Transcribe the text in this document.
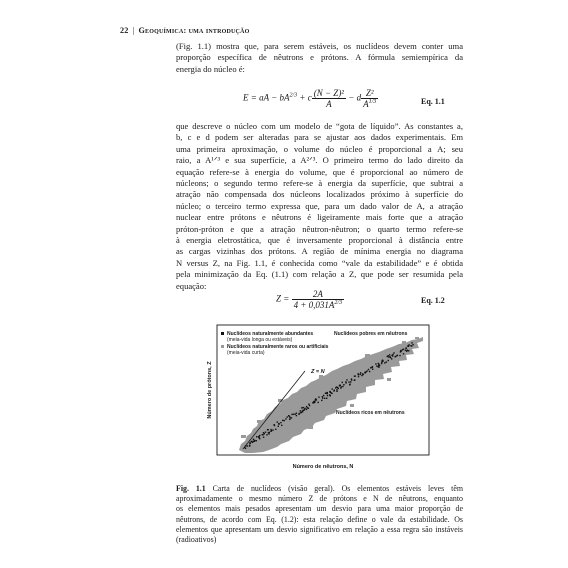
22 | Geoquímica: uma introdução

(Fig. 1.1) mostra que, para serem estáveis, os nuclídeos devem conter uma
proporção específica de nêutrons e prótons. A fórmula semiempírica da
energia do núcleo é:

E = aA − $bA^{2/3} + c \frac{\text{(N − Z)²}}{A} - d \frac{\text{Z²}}{A^{1/3}}$	Eq. 1.1

que descreve o núcleo com um modelo de “gota de líquido”. As constantes a,
b, c e d podem ser alteradas para se ajustar aos dados experimentais. Em
uma primeira aproximação, o volume do núcleo é proporcional a A; seu
raio, a A¹ᐟ³ e sua superfície, a A²ᐟ³. O primeiro termo do lado direito da
equação refere-se à energia do volume, que é proporcional ao número de
núcleons; o segundo termo refere-se à energia da superfície, que subtrai a
atração não compensada dos núcleons localizados próximo à superfície do
núcleo; o terceiro termo expressa que, para um dado valor de A, a atração
nuclear entre prótons e nêutrons é ligeiramente mais forte que a atração
próton-próton e que a atração nêutron-nêutron; o quarto termo refere-se
à energia eletrostática, que é inversamente proporcional à distância entre
as cargas vizinhas dos prótons. A região de mínima energia no diagrama
N versus Z, na Fig. 1.1, é conhecida como “vale da estabilidade” e é obtida
pela minimização da Eq. (1.1) com relação a Z, que pode ser resumida pela
equação:

$Z = \frac{2A}{4 + 0,031A^{2/3}}$	Eq. 1.2
Z = N
Nuclídeos naturalmente abundantes
(meia-vida longa ou estáveis)
Nuclídeos naturalmente raros ou artificiais
(meia-vida curta)
Nuclídeos pobres em nêutrons
Nuclídeos ricos em nêutrons
Número de nêutrons, N
Número de prótons, Z

Fig. 1.1 Carta de nuclídeos (visão geral). Os elementos estáveis leves têm
aproximadamente o mesmo número Z de prótons e N de nêutrons, enquanto
os elementos mais pesados apresentam um desvio para uma maior proporção de
nêutrons, de acordo com Eq. (1.2): esta relação define o vale da estabilidade. Os
elementos que apresentam um desvio significativo em relação a essa regra são instáveis
(radioativos)
